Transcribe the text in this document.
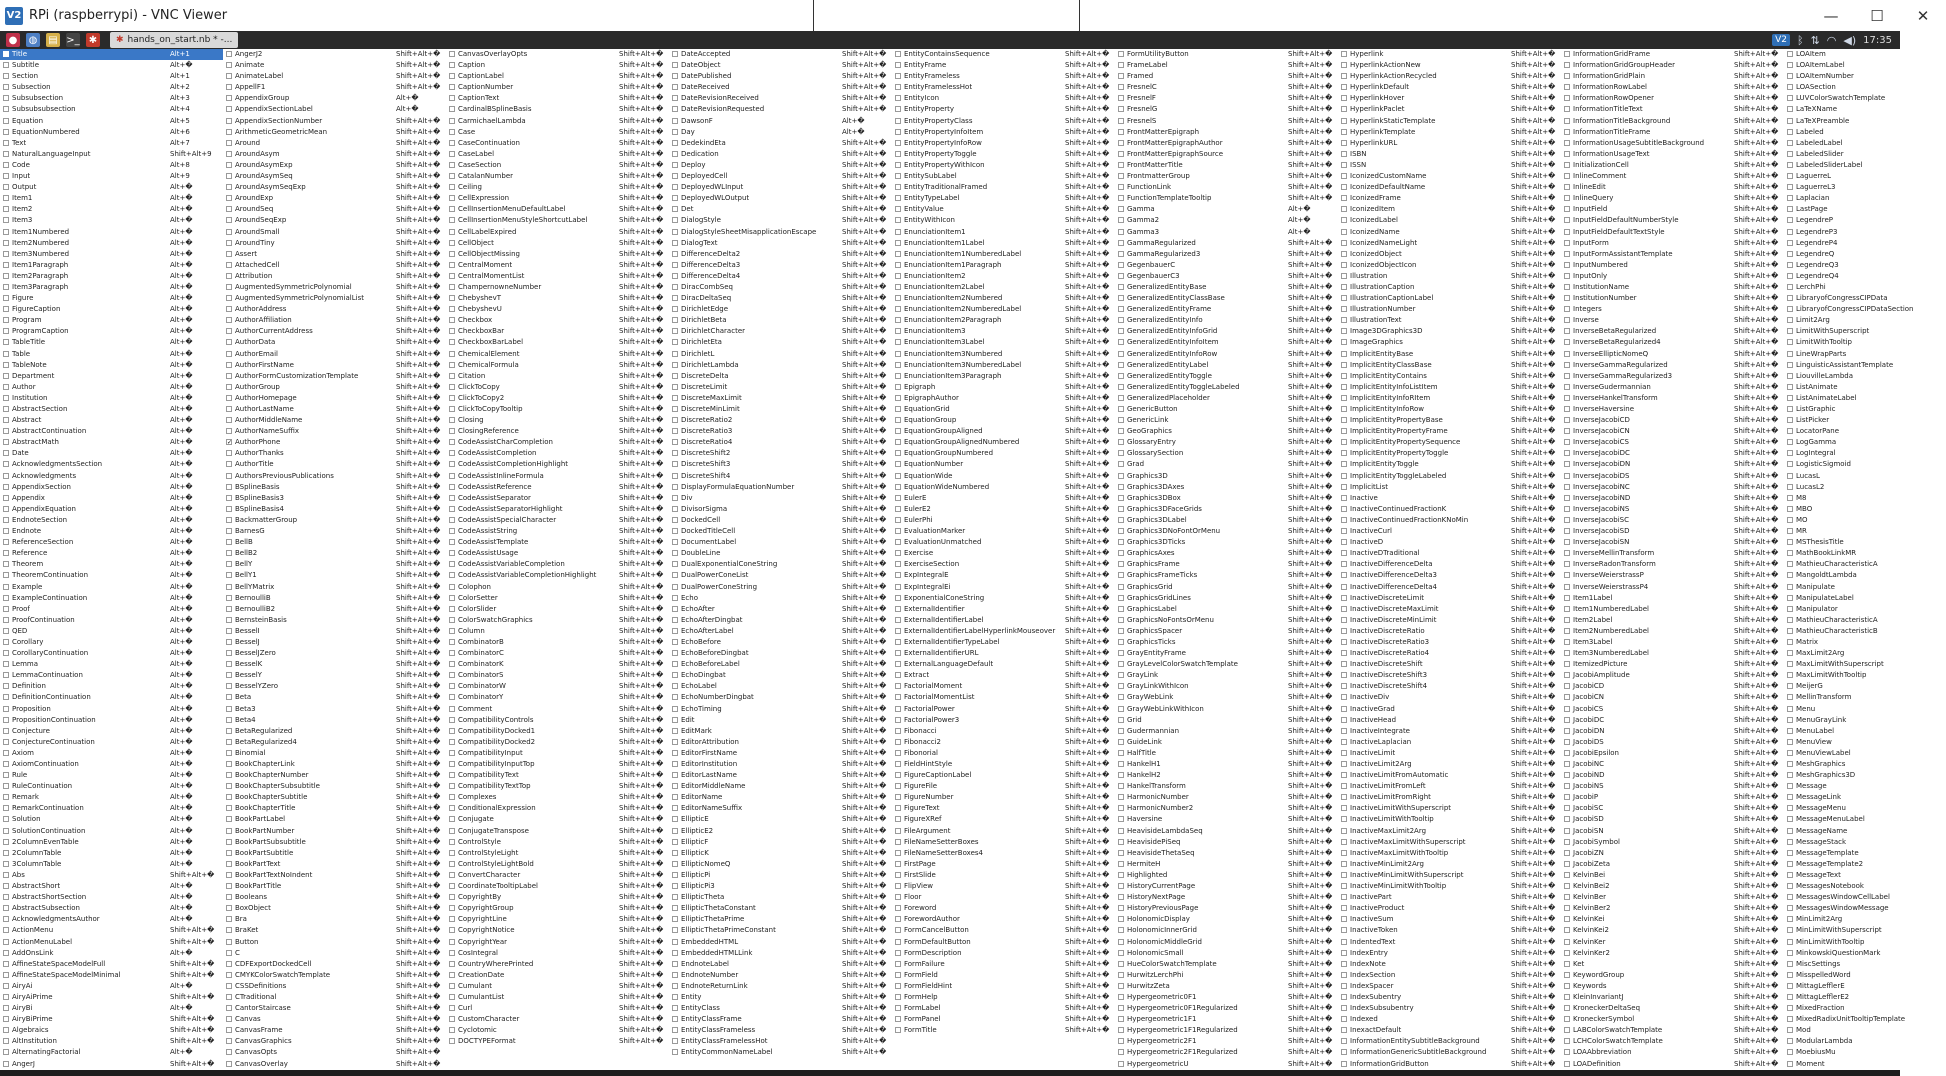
V2 RPi (raspberrypi) - VNC Viewer	—	☐	✕
● ◍ ▤ >_ ✱	✱ hands_on_start.nb * -...	V2 ᛒ ⇅ ◠ ◀) 17:35
Title	Alt+1
Subtitle	Alt+�
Section	Alt+1
Subsection	Alt+2
Subsubsection	Alt+3
Subsubsubsection	Alt+4
Equation	Alt+5
EquationNumbered	Alt+6
Text	Alt+7
NaturalLanguageInput	Shift+Alt+9
Code	Alt+8
Input	Alt+9
Output	Alt+�
Item1	Alt+�
Item2	Alt+�
Item3	Alt+�
Item1Numbered	Alt+�
Item2Numbered	Alt+�
Item3Numbered	Alt+�
Item1Paragraph	Alt+�
Item2Paragraph	Alt+�
Item3Paragraph	Alt+�
Figure	Alt+�
FigureCaption	Alt+�
Program	Alt+�
ProgramCaption	Alt+�
TableTitle	Alt+�
Table	Alt+�
TableNote	Alt+�
Department	Alt+�
Author	Alt+�
Institution	Alt+�
AbstractSection	Alt+�
Abstract	Alt+�
AbstractContinuation	Alt+�
AbstractMath	Alt+�
Date	Alt+�
AcknowledgmentsSection	Alt+�
Acknowledgments	Alt+�
AppendixSection	Alt+�
Appendix	Alt+�
AppendixEquation	Alt+�
EndnoteSection	Alt+�
Endnote	Alt+�
ReferenceSection	Alt+�
Reference	Alt+�
Theorem	Alt+�
TheoremContinuation	Alt+�
Example	Alt+�
ExampleContinuation	Alt+�
Proof	Alt+�
ProofContinuation	Alt+�
QED	Alt+�
Corollary	Alt+�
CorollaryContinuation	Alt+�
Lemma	Alt+�
LemmaContinuation	Alt+�
Definition	Alt+�
DefinitionContinuation	Alt+�
Proposition	Alt+�
PropositionContinuation	Alt+�
Conjecture	Alt+�
ConjectureContinuation	Alt+�
Axiom	Alt+�
AxiomContinuation	Alt+�
Rule	Alt+�
RuleContinuation	Alt+�
Remark	Alt+�
RemarkContinuation	Alt+�
Solution	Alt+�
SolutionContinuation	Alt+�
2ColumnEvenTable	Alt+�
2ColumnTable	Alt+�
3ColumnTable	Alt+�
Abs	Shift+Alt+�
AbstractShort	Alt+�
AbstractShortSection	Alt+�
AbstractSubsection	Alt+�
AcknowledgmentsAuthor	Alt+�
ActionMenu	Shift+Alt+�
ActionMenuLabel	Shift+Alt+�
AddOnsLink	Alt+�
AffineStateSpaceModelFull	Shift+Alt+�
AffineStateSpaceModelMinimal	Shift+Alt+�
AiryAi	Alt+�
AiryAiPrime	Shift+Alt+�
AiryBi	Alt+�
AiryBiPrime	Shift+Alt+�
Algebraics	Shift+Alt+�
AltInstitution	Shift+Alt+�
AlternatingFactorial	Alt+�
AngerJ	Shift+Alt+�
AngerJ2	Shift+Alt+�
Animate	Shift+Alt+�
AnimateLabel	Shift+Alt+�
AppellF1	Shift+Alt+�
AppendixGroup	Alt+�
AppendixSectionLabel	Alt+�
AppendixSectionNumber	Shift+Alt+�
ArithmeticGeometricMean	Shift+Alt+�
Around	Shift+Alt+�
AroundAsym	Shift+Alt+�
AroundAsymExp	Shift+Alt+�
AroundAsymSeq	Shift+Alt+�
AroundAsymSeqExp	Shift+Alt+�
AroundExp	Shift+Alt+�
AroundSeq	Shift+Alt+�
AroundSeqExp	Shift+Alt+�
AroundSmall	Shift+Alt+�
AroundTiny	Shift+Alt+�
Assert	Shift+Alt+�
AttachedCell	Shift+Alt+�
Attribution	Shift+Alt+�
AugmentedSymmetricPolynomial	Shift+Alt+�
AugmentedSymmetricPolynomialList	Shift+Alt+�
AuthorAddress	Shift+Alt+�
AuthorAffiliation	Shift+Alt+�
AuthorCurrentAddress	Shift+Alt+�
AuthorData	Shift+Alt+�
AuthorEmail	Shift+Alt+�
AuthorFirstName	Shift+Alt+�
AuthorFormCustomizationTemplate	Shift+Alt+�
AuthorGroup	Shift+Alt+�
AuthorHomepage	Shift+Alt+�
AuthorLastName	Shift+Alt+�
AuthorMiddleName	Shift+Alt+�
AuthorNameSuffix	Shift+Alt+�
✓ AuthorPhone	Shift+Alt+�
AuthorThanks	Shift+Alt+�
AuthorTitle	Shift+Alt+�
AuthorsPreviousPublications	Shift+Alt+�
BSplineBasis	Shift+Alt+�
BSplineBasis3	Shift+Alt+�
BSplineBasis4	Shift+Alt+�
BackmatterGroup	Shift+Alt+�
BarnesG	Shift+Alt+�
BellB	Shift+Alt+�
BellB2	Shift+Alt+�
BellY	Shift+Alt+�
BellY1	Shift+Alt+�
BellYMatrix	Shift+Alt+�
BernoulliB	Shift+Alt+�
BernoulliB2	Shift+Alt+�
BernsteinBasis	Shift+Alt+�
BesselI	Shift+Alt+�
BesselJ	Shift+Alt+�
BesselJZero	Shift+Alt+�
BesselK	Shift+Alt+�
BesselY	Shift+Alt+�
BesselYZero	Shift+Alt+�
Beta	Shift+Alt+�
Beta3	Shift+Alt+�
Beta4	Shift+Alt+�
BetaRegularized	Shift+Alt+�
BetaRegularized4	Shift+Alt+�
Binomial	Shift+Alt+�
BookChapterLink	Shift+Alt+�
BookChapterNumber	Shift+Alt+�
BookChapterSubsubtitle	Shift+Alt+�
BookChapterSubtitle	Shift+Alt+�
BookChapterTitle	Shift+Alt+�
BookPartLabel	Shift+Alt+�
BookPartNumber	Shift+Alt+�
BookPartSubsubtitle	Shift+Alt+�
BookPartSubtitle	Shift+Alt+�
BookPartText	Shift+Alt+�
BookPartTextNoIndent	Shift+Alt+�
BookPartTitle	Shift+Alt+�
Booleans	Shift+Alt+�
BoxObject	Shift+Alt+�
Bra	Shift+Alt+�
BraKet	Shift+Alt+�
Button	Shift+Alt+�
C	Shift+Alt+�
CDFExportDockedCell	Shift+Alt+�
CMYKColorSwatchTemplate	Shift+Alt+�
CSSDefinitions	Shift+Alt+�
CTraditional	Shift+Alt+�
CantorStaircase	Shift+Alt+�
Canvas	Shift+Alt+�
CanvasFrame	Shift+Alt+�
CanvasGraphics	Shift+Alt+�
CanvasOpts	Shift+Alt+�
CanvasOverlay	Shift+Alt+�
CanvasOverlayOpts	Shift+Alt+�
Caption	Shift+Alt+�
CaptionLabel	Shift+Alt+�
CaptionNumber	Shift+Alt+�
CaptionText	Shift+Alt+�
CardinalBSplineBasis	Shift+Alt+�
CarmichaelLambda	Shift+Alt+�
Case	Shift+Alt+�
CaseContinuation	Shift+Alt+�
CaseLabel	Shift+Alt+�
CaseSection	Shift+Alt+�
CatalanNumber	Shift+Alt+�
Ceiling	Shift+Alt+�
CellExpression	Shift+Alt+�
CellInsertionMenuDefaultLabel	Shift+Alt+�
CellInsertionMenuStyleShortcutLabel	Shift+Alt+�
CellLabelExpired	Shift+Alt+�
CellObject	Shift+Alt+�
CellObjectMissing	Shift+Alt+�
CentralMoment	Shift+Alt+�
CentralMomentList	Shift+Alt+�
ChampernowneNumber	Shift+Alt+�
ChebyshevT	Shift+Alt+�
ChebyshevU	Shift+Alt+�
Checkbox	Shift+Alt+�
CheckboxBar	Shift+Alt+�
CheckboxBarLabel	Shift+Alt+�
ChemicalElement	Shift+Alt+�
ChemicalFormula	Shift+Alt+�
Citation	Shift+Alt+�
ClickToCopy	Shift+Alt+�
ClickToCopy2	Shift+Alt+�
ClickToCopyTooltip	Shift+Alt+�
Closing	Shift+Alt+�
ClosingReference	Shift+Alt+�
CodeAssistCharCompletion	Shift+Alt+�
CodeAssistCompletion	Shift+Alt+�
CodeAssistCompletionHighlight	Shift+Alt+�
CodeAssistInlineFormula	Shift+Alt+�
CodeAssistReference	Shift+Alt+�
CodeAssistSeparator	Shift+Alt+�
CodeAssistSeparatorHighlight	Shift+Alt+�
CodeAssistSpecialCharacter	Shift+Alt+�
CodeAssistString	Shift+Alt+�
CodeAssistTemplate	Shift+Alt+�
CodeAssistUsage	Shift+Alt+�
CodeAssistVariableCompletion	Shift+Alt+�
CodeAssistVariableCompletionHighlight	Shift+Alt+�
Colophon	Shift+Alt+�
ColorSetter	Shift+Alt+�
ColorSlider	Shift+Alt+�
ColorSwatchGraphics	Shift+Alt+�
Column	Shift+Alt+�
CombinatorB	Shift+Alt+�
CombinatorC	Shift+Alt+�
CombinatorK	Shift+Alt+�
CombinatorS	Shift+Alt+�
CombinatorW	Shift+Alt+�
CombinatorY	Shift+Alt+�
Comment	Shift+Alt+�
CompatibilityControls	Shift+Alt+�
CompatibilityDocked1	Shift+Alt+�
CompatibilityDocked2	Shift+Alt+�
CompatibilityInput	Shift+Alt+�
CompatibilityInputTop	Shift+Alt+�
CompatibilityText	Shift+Alt+�
CompatibilityTextTop	Shift+Alt+�
Complexes	Shift+Alt+�
ConditionalExpression	Shift+Alt+�
Conjugate	Shift+Alt+�
ConjugateTranspose	Shift+Alt+�
ControlStyle	Shift+Alt+�
ControlStyleLight	Shift+Alt+�
ControlStyleLightBold	Shift+Alt+�
ConvertCharacter	Shift+Alt+�
CoordinateTooltipLabel	Shift+Alt+�
CopyrightBy	Shift+Alt+�
CopyrightGroup	Shift+Alt+�
CopyrightLine	Shift+Alt+�
CopyrightNotice	Shift+Alt+�
CopyrightYear	Shift+Alt+�
CosIntegral	Shift+Alt+�
CountryWherePrinted	Shift+Alt+�
CreationDate	Shift+Alt+�
Cumulant	Shift+Alt+�
CumulantList	Shift+Alt+�
Curl	Shift+Alt+�
CustomCharacter	Shift+Alt+�
Cyclotomic	Shift+Alt+�
DOCTYPEFormat	Shift+Alt+�
DateAccepted	Shift+Alt+�
DateObject	Shift+Alt+�
DatePublished	Shift+Alt+�
DateReceived	Shift+Alt+�
DateRevisionReceived	Shift+Alt+�
DateRevisionRequested	Shift+Alt+�
DawsonF	Alt+�
Day	Alt+�
DedekindEta	Shift+Alt+�
Dedication	Shift+Alt+�
Deploy	Shift+Alt+�
DeployedCell	Shift+Alt+�
DeployedWLInput	Shift+Alt+�
DeployedWLOutput	Shift+Alt+�
Det	Shift+Alt+�
DialogStyle	Shift+Alt+�
DialogStyleSheetMisapplicationEscape	Shift+Alt+�
DialogText	Shift+Alt+�
DifferenceDelta2	Shift+Alt+�
DifferenceDelta3	Shift+Alt+�
DifferenceDelta4	Shift+Alt+�
DiracCombSeq	Shift+Alt+�
DiracDeltaSeq	Shift+Alt+�
DirichletEdge	Shift+Alt+�
DirichletBeta	Shift+Alt+�
DirichletCharacter	Shift+Alt+�
DirichletEta	Shift+Alt+�
DirichletL	Shift+Alt+�
DirichletLambda	Shift+Alt+�
DiscreteDelta	Shift+Alt+�
DiscreteLimit	Shift+Alt+�
DiscreteMaxLimit	Shift+Alt+�
DiscreteMinLimit	Shift+Alt+�
DiscreteRatio2	Shift+Alt+�
DiscreteRatio3	Shift+Alt+�
DiscreteRatio4	Shift+Alt+�
DiscreteShift2	Shift+Alt+�
DiscreteShift3	Shift+Alt+�
DiscreteShift4	Shift+Alt+�
DisplayFormulaEquationNumber	Shift+Alt+�
Div	Shift+Alt+�
DivisorSigma	Shift+Alt+�
DockedCell	Shift+Alt+�
DockedTitleCell	Shift+Alt+�
DocumentLabel	Shift+Alt+�
DoubleLine	Shift+Alt+�
DualExponentialConeString	Shift+Alt+�
DualPowerConeList	Shift+Alt+�
DualPowerConeString	Shift+Alt+�
Echo	Shift+Alt+�
EchoAfter	Shift+Alt+�
EchoAfterDingbat	Shift+Alt+�
EchoAfterLabel	Shift+Alt+�
EchoBefore	Shift+Alt+�
EchoBeforeDingbat	Shift+Alt+�
EchoBeforeLabel	Shift+Alt+�
EchoDingbat	Shift+Alt+�
EchoLabel	Shift+Alt+�
EchoNumberDingbat	Shift+Alt+�
EchoTiming	Shift+Alt+�
Edit	Shift+Alt+�
EditMark	Shift+Alt+�
EditorAttribution	Shift+Alt+�
EditorFirstName	Shift+Alt+�
EditorInstitution	Shift+Alt+�
EditorLastName	Shift+Alt+�
EditorMiddleName	Shift+Alt+�
EditorName	Shift+Alt+�
EditorNameSuffix	Shift+Alt+�
EllipticE	Shift+Alt+�
EllipticE2	Shift+Alt+�
EllipticF	Shift+Alt+�
EllipticK	Shift+Alt+�
EllipticNomeQ	Shift+Alt+�
EllipticPi	Shift+Alt+�
EllipticPi3	Shift+Alt+�
EllipticTheta	Shift+Alt+�
EllipticThetaConstant	Shift+Alt+�
EllipticThetaPrime	Shift+Alt+�
EllipticThetaPrimeConstant	Shift+Alt+�
EmbeddedHTML	Shift+Alt+�
EmbeddedHTMLLink	Shift+Alt+�
EndnoteLabel	Shift+Alt+�
EndnoteNumber	Shift+Alt+�
EndnoteReturnLink	Shift+Alt+�
Entity	Shift+Alt+�
EntityClass	Shift+Alt+�
EntityClassFrame	Shift+Alt+�
EntityClassFrameless	Shift+Alt+�
EntityClassFramelessHot	Shift+Alt+�
EntityCommonNameLabel	Shift+Alt+�
EntityContainsSequence	Shift+Alt+�
EntityFrame	Shift+Alt+�
EntityFrameless	Shift+Alt+�
EntityFramelessHot	Shift+Alt+�
EntityIcon	Shift+Alt+�
EntityProperty	Shift+Alt+�
EntityPropertyClass	Shift+Alt+�
EntityPropertyInfoItem	Shift+Alt+�
EntityPropertyInfoRow	Shift+Alt+�
EntityPropertyToggle	Shift+Alt+�
EntityPropertyWithIcon	Shift+Alt+�
EntitySubLabel	Shift+Alt+�
EntityTraditionalFramed	Shift+Alt+�
EntityTypeLabel	Shift+Alt+�
EntityValue	Shift+Alt+�
EntityWithIcon	Shift+Alt+�
EnunciationItem1	Shift+Alt+�
EnunciationItem1Label	Shift+Alt+�
EnunciationItem1NumberedLabel	Shift+Alt+�
EnunciationItem1Paragraph	Shift+Alt+�
EnunciationItem2	Shift+Alt+�
EnunciationItem2Label	Shift+Alt+�
EnunciationItem2Numbered	Shift+Alt+�
EnunciationItem2NumberedLabel	Shift+Alt+�
EnunciationItem2Paragraph	Shift+Alt+�
EnunciationItem3	Shift+Alt+�
EnunciationItem3Label	Shift+Alt+�
EnunciationItem3Numbered	Shift+Alt+�
EnunciationItem3NumberedLabel	Shift+Alt+�
EnunciationItem3Paragraph	Shift+Alt+�
Epigraph	Shift+Alt+�
EpigraphAuthor	Shift+Alt+�
EquationGrid	Shift+Alt+�
EquationGroup	Shift+Alt+�
EquationGroupAligned	Shift+Alt+�
EquationGroupAlignedNumbered	Shift+Alt+�
EquationGroupNumbered	Shift+Alt+�
EquationNumber	Shift+Alt+�
EquationWide	Shift+Alt+�
EquationWideNumbered	Shift+Alt+�
EulerE	Shift+Alt+�
EulerE2	Shift+Alt+�
EulerPhi	Shift+Alt+�
EvaluationMarker	Shift+Alt+�
EvaluationUnmatched	Shift+Alt+�
Exercise	Shift+Alt+�
ExerciseSection	Shift+Alt+�
ExpIntegralE	Shift+Alt+�
ExpIntegralEi	Shift+Alt+�
ExponentialConeString	Shift+Alt+�
ExternalIdentifier	Shift+Alt+�
ExternalIdentifierLabel	Shift+Alt+�
ExternalIdentifierLabelHyperlinkMouseover Shift+Alt+�
ExternalIdentifierTypeLabel	Shift+Alt+�
ExternalIdentifierURL	Shift+Alt+�
ExternalLanguageDefault	Shift+Alt+�
Extract	Shift+Alt+�
FactorialMoment	Shift+Alt+�
FactorialMomentList	Shift+Alt+�
FactorialPower	Shift+Alt+�
FactorialPower3	Shift+Alt+�
Fibonacci	Shift+Alt+�
Fibonacci2	Shift+Alt+�
Fibonorial	Shift+Alt+�
FieldHintStyle	Shift+Alt+�
FigureCaptionLabel	Shift+Alt+�
FigureFile	Shift+Alt+�
FigureNumber	Shift+Alt+�
FigureText	Shift+Alt+�
FigureXRef	Shift+Alt+�
FileArgument	Shift+Alt+�
FileNameSetterBoxes	Shift+Alt+�
FileNameSetterBoxes4	Shift+Alt+�
FirstPage	Shift+Alt+�
FirstSlide	Shift+Alt+�
FlipView	Shift+Alt+�
Floor	Shift+Alt+�
Foreword	Shift+Alt+�
ForewordAuthor	Shift+Alt+�
FormCancelButton	Shift+Alt+�
FormDefaultButton	Shift+Alt+�
FormDescription	Shift+Alt+�
FormFailure	Shift+Alt+�
FormField	Shift+Alt+�
FormFieldHint	Shift+Alt+�
FormHelp	Shift+Alt+�
FormLabel	Shift+Alt+�
FormPanel	Shift+Alt+�
FormTitle	Shift+Alt+�
FormUtilityButton	Shift+Alt+�
FrameLabel	Shift+Alt+�
Framed	Shift+Alt+�
FresnelC	Shift+Alt+�
FresnelF	Shift+Alt+�
FresnelG	Shift+Alt+�
FresnelS	Shift+Alt+�
FrontMatterEpigraph	Shift+Alt+�
FrontMatterEpigraphAuthor	Shift+Alt+�
FrontMatterEpigraphSource	Shift+Alt+�
FrontMatterTitle	Shift+Alt+�
FrontmatterGroup	Shift+Alt+�
FunctionLink	Shift+Alt+�
FunctionTemplateTooltip	Shift+Alt+�
Gamma	Alt+�
Gamma2	Alt+�
Gamma3	Alt+�
GammaRegularized	Shift+Alt+�
GammaRegularized3	Shift+Alt+�
GegenbauerC	Shift+Alt+�
GegenbauerC3	Shift+Alt+�
GeneralizedEntityBase	Shift+Alt+�
GeneralizedEntityClassBase	Shift+Alt+�
GeneralizedEntityFrame	Shift+Alt+�
GeneralizedEntityInfo	Shift+Alt+�
GeneralizedEntityInfoGrid	Shift+Alt+�
GeneralizedEntityInfoItem	Shift+Alt+�
GeneralizedEntityInfoRow	Shift+Alt+�
GeneralizedEntityLabel	Shift+Alt+�
GeneralizedEntityToggle	Shift+Alt+�
GeneralizedEntityToggleLabeled	Shift+Alt+�
GeneralizedPlaceholder	Shift+Alt+�
GenericButton	Shift+Alt+�
GenericLink	Shift+Alt+�
GeoGraphics	Shift+Alt+�
GlossaryEntry	Shift+Alt+�
GlossarySection	Shift+Alt+�
Grad	Shift+Alt+�
Graphics3D	Shift+Alt+�
Graphics3DAxes	Shift+Alt+�
Graphics3DBox	Shift+Alt+�
Graphics3DFaceGrids	Shift+Alt+�
Graphics3DLabel	Shift+Alt+�
Graphics3DNoFontOrMenu	Shift+Alt+�
Graphics3DTicks	Shift+Alt+�
GraphicsAxes	Shift+Alt+�
GraphicsFrame	Shift+Alt+�
GraphicsFrameTicks	Shift+Alt+�
GraphicsGrid	Shift+Alt+�
GraphicsGridLines	Shift+Alt+�
GraphicsLabel	Shift+Alt+�
GraphicsNoFontsOrMenu	Shift+Alt+�
GraphicsSpacer	Shift+Alt+�
GraphicsTicks	Shift+Alt+�
GrayEntityFrame	Shift+Alt+�
GrayLevelColorSwatchTemplate	Shift+Alt+�
GrayLink	Shift+Alt+�
GrayLinkWithIcon	Shift+Alt+�
GrayWebLink	Shift+Alt+�
GrayWebLinkWithIcon	Shift+Alt+�
Grid	Shift+Alt+�
Gudermannian	Shift+Alt+�
GuideLink	Shift+Alt+�
HalfTitle	Shift+Alt+�
HankelH1	Shift+Alt+�
HankelH2	Shift+Alt+�
HankelTransform	Shift+Alt+�
HarmonicNumber	Shift+Alt+�
HarmonicNumber2	Shift+Alt+�
Haversine	Shift+Alt+�
HeavisideLambdaSeq	Shift+Alt+�
HeavisidePiSeq	Shift+Alt+�
HeavisideThetaSeq	Shift+Alt+�
HermiteH	Shift+Alt+�
Highlighted	Shift+Alt+�
HistoryCurrentPage	Shift+Alt+�
HistoryNextPage	Shift+Alt+�
HistoryPreviousPage	Shift+Alt+�
HolonomicDisplay	Shift+Alt+�
HolonomicInnerGrid	Shift+Alt+�
HolonomicMiddleGrid	Shift+Alt+�
HolonomicSmall	Shift+Alt+�
HueColorSwatchTemplate	Shift+Alt+�
HurwitzLerchPhi	Shift+Alt+�
HurwitzZeta	Shift+Alt+�
Hypergeometric0F1	Shift+Alt+�
Hypergeometric0F1Regularized	Shift+Alt+�
Hypergeometric1F1	Shift+Alt+�
Hypergeometric1F1Regularized	Shift+Alt+�
Hypergeometric2F1	Shift+Alt+�
Hypergeometric2F1Regularized	Shift+Alt+�
HypergeometricU	Shift+Alt+�
Hyperlink	Shift+Alt+�
HyperlinkActionNew	Shift+Alt+�
HyperlinkActionRecycled	Shift+Alt+�
HyperlinkDefault	Shift+Alt+�
HyperlinkHover	Shift+Alt+�
HyperlinkPaclet	Shift+Alt+�
HyperlinkStaticTemplate	Shift+Alt+�
HyperlinkTemplate	Shift+Alt+�
HyperlinkURL	Shift+Alt+�
ISBN	Shift+Alt+�
ISSN	Shift+Alt+�
IconizedCustomName	Shift+Alt+�
IconizedDefaultName	Shift+Alt+�
IconizedFrame	Shift+Alt+�
IconizedItem	Shift+Alt+�
IconizedLabel	Shift+Alt+�
IconizedName	Shift+Alt+�
IconizedNameLight	Shift+Alt+�
IconizedObject	Shift+Alt+�
IconizedObjectIcon	Shift+Alt+�
Illustration	Shift+Alt+�
IllustrationCaption	Shift+Alt+�
IllustrationCaptionLabel	Shift+Alt+�
IllustrationNumber	Shift+Alt+�
IllustrationText	Shift+Alt+�
Image3DGraphics3D	Shift+Alt+�
ImageGraphics	Shift+Alt+�
ImplicitEntityBase	Shift+Alt+�
ImplicitEntityClassBase	Shift+Alt+�
ImplicitEntityContains	Shift+Alt+�
ImplicitEntityInfoListItem	Shift+Alt+�
ImplicitEntityInfoRItem	Shift+Alt+�
ImplicitEntityInfoRow	Shift+Alt+�
ImplicitEntityPropertyBase	Shift+Alt+�
ImplicitEntityPropertyFrame	Shift+Alt+�
ImplicitEntityPropertySequence	Shift+Alt+�
ImplicitEntityPropertyToggle	Shift+Alt+�
ImplicitEntityToggle	Shift+Alt+�
ImplicitEntityToggleLabeled	Shift+Alt+�
ImplicitList	Shift+Alt+�
Inactive	Shift+Alt+�
InactiveContinuedFractionK	Shift+Alt+�
InactiveContinuedFractionKNoMin	Shift+Alt+�
InactiveCurl	Shift+Alt+�
InactiveD	Shift+Alt+�
InactiveDTraditional	Shift+Alt+�
InactiveDifferenceDelta	Shift+Alt+�
InactiveDifferenceDelta3	Shift+Alt+�
InactiveDifferenceDelta4	Shift+Alt+�
InactiveDiscreteLimit	Shift+Alt+�
InactiveDiscreteMaxLimit	Shift+Alt+�
InactiveDiscreteMinLimit	Shift+Alt+�
InactiveDiscreteRatio	Shift+Alt+�
InactiveDiscreteRatio3	Shift+Alt+�
InactiveDiscreteRatio4	Shift+Alt+�
InactiveDiscreteShift	Shift+Alt+�
InactiveDiscreteShift3	Shift+Alt+�
InactiveDiscreteShift4	Shift+Alt+�
InactiveDiv	Shift+Alt+�
InactiveGrad	Shift+Alt+�
InactiveHead	Shift+Alt+�
InactiveIntegrate	Shift+Alt+�
InactiveLaplacian	Shift+Alt+�
InactiveLimit	Shift+Alt+�
InactiveLimit2Arg	Shift+Alt+�
InactiveLimitFromAutomatic	Shift+Alt+�
InactiveLimitFromLeft	Shift+Alt+�
InactiveLimitFromRight	Shift+Alt+�
InactiveLimitWithSuperscript	Shift+Alt+�
InactiveLimitWithTooltip	Shift+Alt+�
InactiveMaxLimit2Arg	Shift+Alt+�
InactiveMaxLimitWithSuperscript	Shift+Alt+�
InactiveMaxLimitWithTooltip	Shift+Alt+�
InactiveMinLimit2Arg	Shift+Alt+�
InactiveMinLimitWithSuperscript	Shift+Alt+�
InactiveMinLimitWithTooltip	Shift+Alt+�
InactivePart	Shift+Alt+�
InactiveProduct	Shift+Alt+�
InactiveSum	Shift+Alt+�
InactiveToken	Shift+Alt+�
IndentedText	Shift+Alt+�
IndexEntry	Shift+Alt+�
IndexNote	Shift+Alt+�
IndexSection	Shift+Alt+�
IndexSpacer	Shift+Alt+�
IndexSubentry	Shift+Alt+�
IndexSubsubentry	Shift+Alt+�
Indexed	Shift+Alt+�
InexactDefault	Shift+Alt+�
InformationEntitySubtitleBackground	Shift+Alt+�
InformationGenericSubtitleBackground	Shift+Alt+�
InformationGridButton	Shift+Alt+�
InformationGridFrame	Shift+Alt+�
InformationGridGroupHeader	Shift+Alt+�
InformationGridPlain	Shift+Alt+�
InformationRowLabel	Shift+Alt+�
InformationRowOpener	Shift+Alt+�
InformationTitleText	Shift+Alt+�
InformationTitleBackground	Shift+Alt+�
InformationTitleFrame	Shift+Alt+�
InformationUsageSubtitleBackground	Shift+Alt+�
InformationUsageText	Shift+Alt+�
InitializationCell	Shift+Alt+�
InlineComment	Shift+Alt+�
InlineEdit	Shift+Alt+�
InlineQuery	Shift+Alt+�
InputField	Shift+Alt+�
InputFieldDefaultNumberStyle	Shift+Alt+�
InputFieldDefaultTextStyle	Shift+Alt+�
InputForm	Shift+Alt+�
InputFormAssistantTemplate	Shift+Alt+�
InputNumbered	Shift+Alt+�
InputOnly	Shift+Alt+�
InstitutionName	Shift+Alt+�
InstitutionNumber	Shift+Alt+�
Integers	Shift+Alt+�
Inverse	Shift+Alt+�
InverseBetaRegularized	Shift+Alt+�
InverseBetaRegularized4	Shift+Alt+�
InverseEllipticNomeQ	Shift+Alt+�
InverseGammaRegularized	Shift+Alt+�
InverseGammaRegularized3	Shift+Alt+�
InverseGudermannian	Shift+Alt+�
InverseHankelTransform	Shift+Alt+�
InverseHaversine	Shift+Alt+�
InverseJacobiCD	Shift+Alt+�
InverseJacobiCN	Shift+Alt+�
InverseJacobiCS	Shift+Alt+�
InverseJacobiDC	Shift+Alt+�
InverseJacobiDN	Shift+Alt+�
InverseJacobiDS	Shift+Alt+�
InverseJacobiNC	Shift+Alt+�
InverseJacobiND	Shift+Alt+�
InverseJacobiNS	Shift+Alt+�
InverseJacobiSC	Shift+Alt+�
InverseJacobiSD	Shift+Alt+�
InverseJacobiSN	Shift+Alt+�
InverseMellinTransform	Shift+Alt+�
InverseRadonTransform	Shift+Alt+�
InverseWeierstrassP	Shift+Alt+�
InverseWeierstrassP4	Shift+Alt+�
Item1Label	Shift+Alt+�
Item1NumberedLabel	Shift+Alt+�
Item2Label	Shift+Alt+�
Item2NumberedLabel	Shift+Alt+�
Item3Label	Shift+Alt+�
Item3NumberedLabel	Shift+Alt+�
ItemizedPicture	Shift+Alt+�
JacobiAmplitude	Shift+Alt+�
JacobiCD	Shift+Alt+�
JacobiCN	Shift+Alt+�
JacobiCS	Shift+Alt+�
JacobiDC	Shift+Alt+�
JacobiDN	Shift+Alt+�
JacobiDS	Shift+Alt+�
JacobiEpsilon	Shift+Alt+�
JacobiNC	Shift+Alt+�
JacobiND	Shift+Alt+�
JacobiNS	Shift+Alt+�
JacobiP	Shift+Alt+�
JacobiSC	Shift+Alt+�
JacobiSD	Shift+Alt+�
JacobiSN	Shift+Alt+�
JacobiSymbol	Shift+Alt+�
JacobiZN	Shift+Alt+�
JacobiZeta	Shift+Alt+�
KelvinBei	Shift+Alt+�
KelvinBei2	Shift+Alt+�
KelvinBer	Shift+Alt+�
KelvinBer2	Shift+Alt+�
KelvinKei	Shift+Alt+�
KelvinKei2	Shift+Alt+�
KelvinKer	Shift+Alt+�
KelvinKer2	Shift+Alt+�
Ket	Shift+Alt+�
KeywordGroup	Shift+Alt+�
Keywords	Shift+Alt+�
KleinInvariantJ	Shift+Alt+�
KroneckerDeltaSeq	Shift+Alt+�
KroneckerSymbol	Shift+Alt+�
LABColorSwatchTemplate	Shift+Alt+�
LCHColorSwatchTemplate	Shift+Alt+�
LOAAbbreviation	Shift+Alt+�
LOADefinition	Shift+Alt+�
LOAItem
LOAItemLabel
LOAItemNumber
LOASection
LUVColorSwatchTemplate
LaTeXName
LaTeXPreamble
Labeled
LabeledLabel
LabeledSlider
LabeledSliderLabel
LaguerreL
LaguerreL3
Laplacian
LastPage
LegendreP
LegendreP3
LegendreP4
LegendreQ
LegendreQ3
LegendreQ4
LerchPhi
LibraryofCongressCIPData
LibraryofCongressCIPDataSection
Limit2Arg
LimitWithSuperscript
LimitWithTooltip
LineWrapParts
LinguisticAssistantTemplate
LiouvilleLambda
ListAnimate
ListAnimateLabel
ListGraphic
ListPicker
LocatorPane
LogGamma
LogIntegral
LogisticSigmoid
LucasL
LucasL2
M8
MBO
MO
MR
MSThesisTitle
MathBookLinkMR
MathieuCharacteristicA
MangoldtLambda
Manipulate
ManipulateLabel
Manipulator
MathieuCharacteristicA
MathieuCharacteristicB
Matrix
MaxLimit2Arg
MaxLimitWithSuperscript
MaxLimitWithTooltip
MeijerG
MellinTransform
Menu
MenuGrayLink
MenuLabel
MenuView
MenuViewLabel
MeshGraphics
MeshGraphics3D
Message
MessageLink
MessageMenu
MessageMenuLabel
MessageName
MessageStack
MessageTemplate
MessageTemplate2
MessageText
MessagesNotebook
MessagesWindowCellLabel
MessagesWindowMessage
MinLimit2Arg
MinLimitWithSuperscript
MinLimitWithTooltip
MinkowskiQuestionMark
MiscSettings
MisspelledWord
MittagLefflerE
MittagLefflerE2
MixedFraction
MixedRadixUnitTooltipTemplate
Mod
ModularLambda
MoebiusMu
Moment
